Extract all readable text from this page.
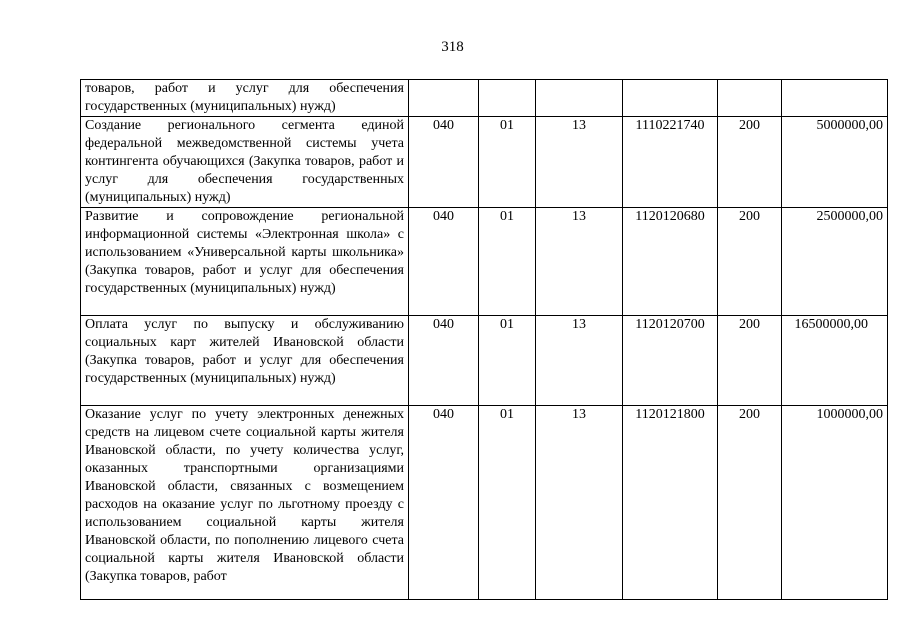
318
товаров, работ и услуг для обеспечения государственных (муниципальных) нужд)						
Создание регионального сегмента единой федеральной межведомственной системы учета контингента обучающихся (Закупка товаров, работ и услуг для обеспечения государственных (муниципальных) нужд)	040	01	13	1110221740	200	5000000,00
Развитие и сопровождение региональной информационной системы «Электронная школа» с использованием «Универсальной карты школьника» (Закупка товаров, работ и услуг для обеспечения государственных (муниципальных) нужд)	040	01	13	1120120680	200	2500000,00
Оплата услуг по выпуску и обслуживанию социальных карт жителей Ивановской области (Закупка товаров, работ и услуг для обеспечения государственных (муниципальных) нужд)	040	01	13	1120120700	200	16500000,00
Оказание услуг по учету электронных денежных средств на лицевом счете социальной карты жителя Ивановской области, по учету количества услуг, оказанных транспортными организациями Ивановской области, связанных с возмещением расходов на оказание услуг по льготному проезду с использованием социальной карты жителя Ивановской области, по пополнению лицевого счета социальной карты жителя Ивановской области (Закупка товаров, работ	040	01	13	1120121800	200	1000000,00
